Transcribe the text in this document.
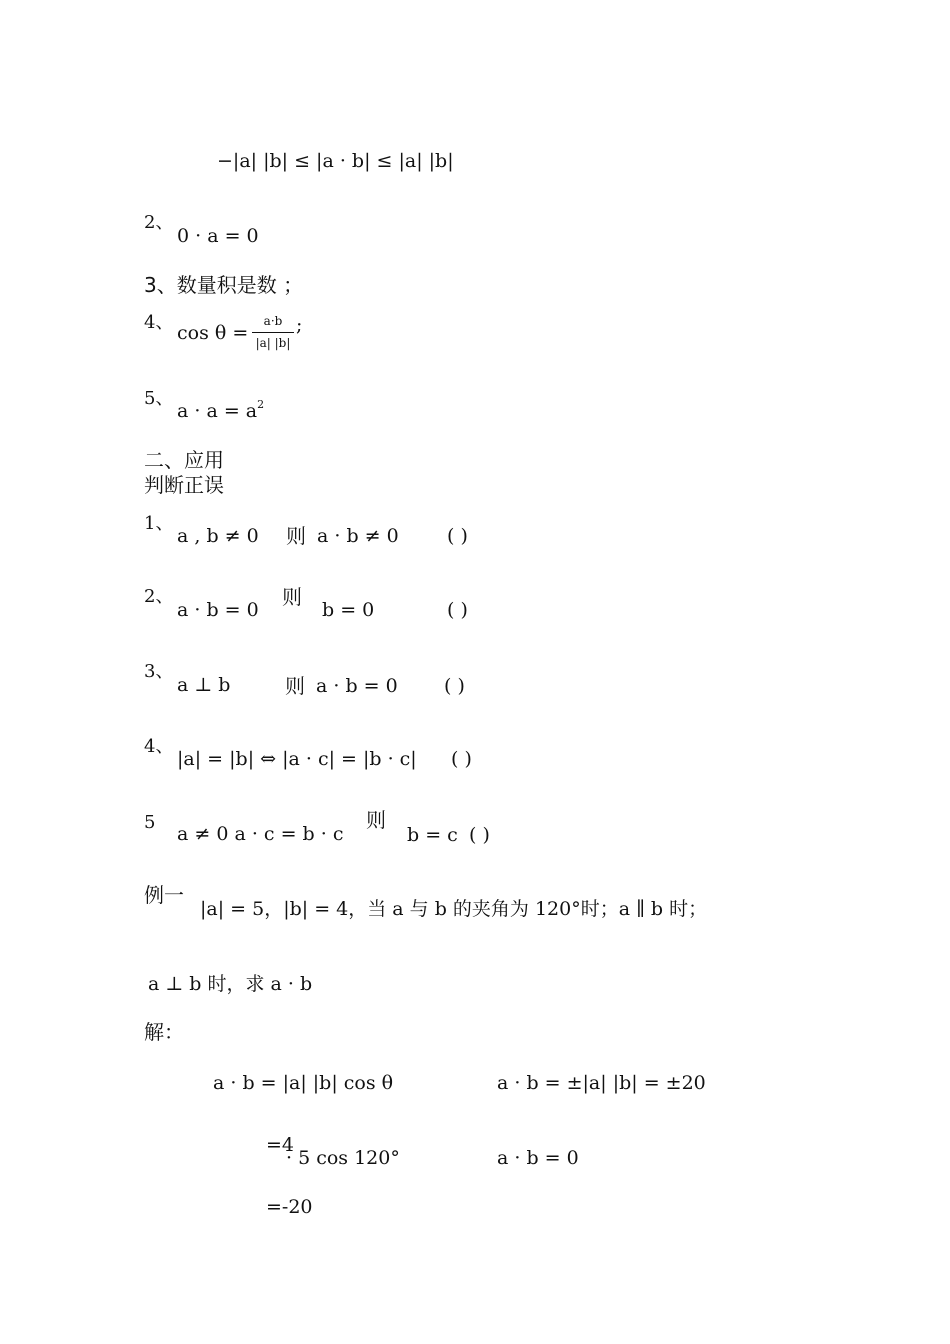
−|a| |b| ≤ |a · b| ≤ |a| |b|
2、
0 · a = 0
3、数量积是数 ；
4、 cos θ =
a·b
|a| |b|
;
5、
$a \cdot a = a^2$
二、应用
判断正误
1、
a , b ≠ 0 则 a · b ≠ 0	( )
2、
a · b = 0
则
b = 0	( )
3、
a ⊥ b	则 a · b = 0 ( )
4、
|a| = |b| ⇔ |a · c| = |b · c| ( )
5
a ≠ 0 a · c = b · c
则
b = c ( )
例一
|a| = 5，|b| = 4，当 a 与 b 的夹角为 120°时；a ∥ b 时；
a ⊥ b 时，求 a · b
解：
a · b = |a| |b| cos θ	a · b = ±|a| |b| = ±20
=4
· 5 cos 120°	a · b = 0
=-20
